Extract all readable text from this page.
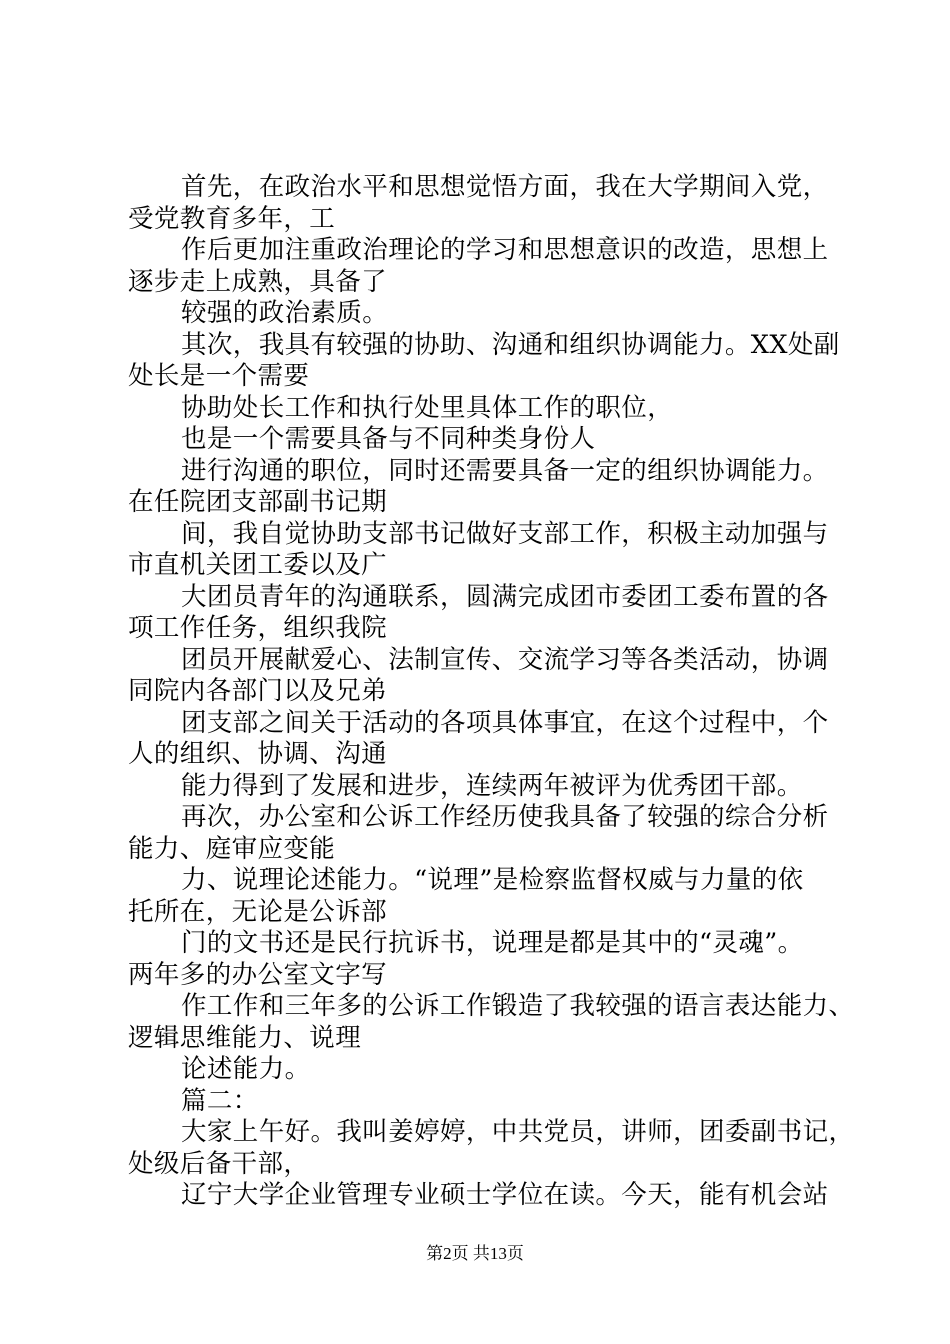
首先，在政治水平和思想觉悟方面，我在大学期间入党，

受党教育多年，工

作后更加注重政治理论的学习和思想意识的改造，思想上

逐步走上成熟，具备了

较强的政治素质。

其次，我具有较强的协助、沟通和组织协调能力。XX处副

处长是一个需要

协助处长工作和执行处里具体工作的职位，

也是一个需要具备与不同种类身份人

进行沟通的职位，同时还需要具备一定的组织协调能力。

在任院团支部副书记期

间，我自觉协助支部书记做好支部工作，积极主动加强与

市直机关团工委以及广

大团员青年的沟通联系，圆满完成团市委团工委布置的各

项工作任务，组织我院

团员开展献爱心、法制宣传、交流学习等各类活动，协调

同院内各部门以及兄弟

团支部之间关于活动的各项具体事宜，在这个过程中，个

人的组织、协调、沟通

能力得到了发展和进步，连续两年被评为优秀团干部。

再次，办公室和公诉工作经历使我具备了较强的综合分析

能力、庭审应变能

力、说理论述能力。“说理”是检察监督权威与力量的依

托所在，无论是公诉部

门的文书还是民行抗诉书，说理是都是其中的“灵魂”。

两年多的办公室文字写

作工作和三年多的公诉工作锻造了我较强的语言表达能力、

逻辑思维能力、说理

论述能力。

篇二：

大家上午好。我叫姜婷婷，中共党员，讲师，团委副书记，

处级后备干部，

辽宁大学企业管理专业硕士学位在读。今天，能有机会站

第2页 共13页
